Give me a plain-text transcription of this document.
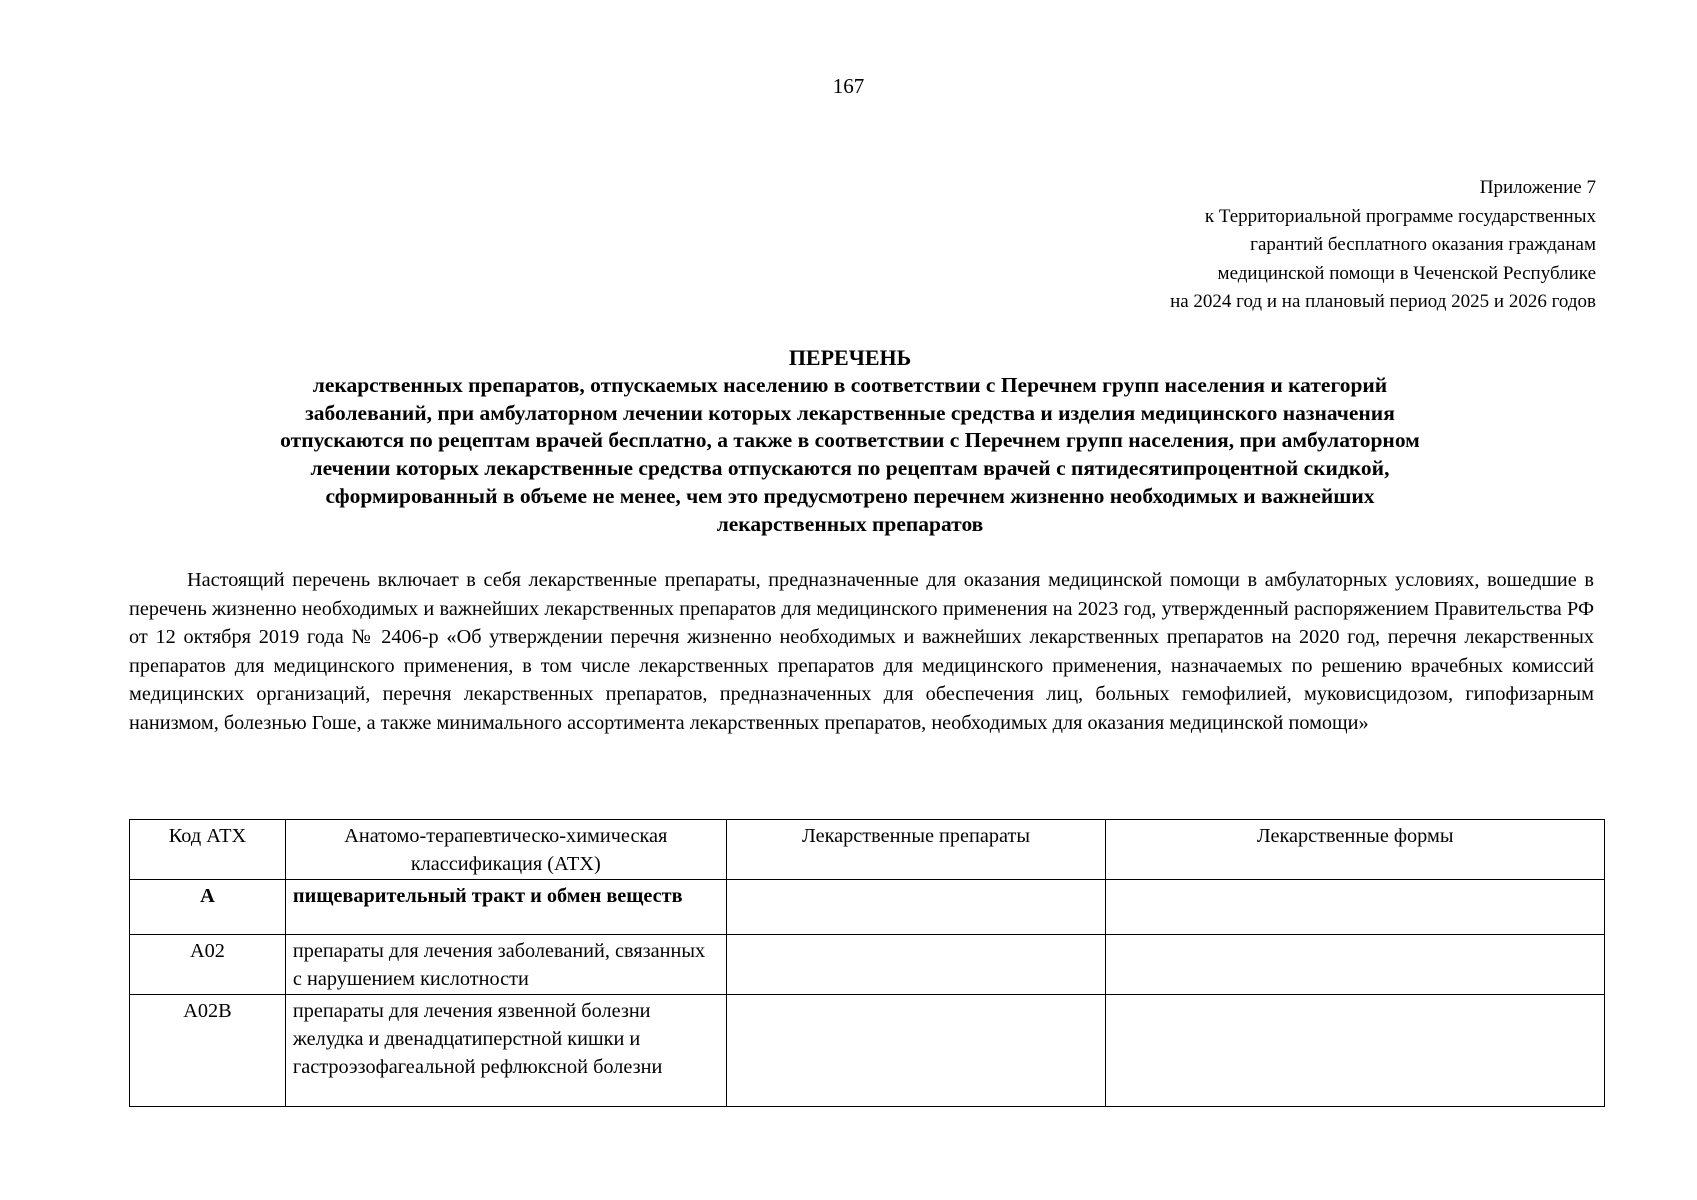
167
Приложение 7
к Территориальной программе государственных
гарантий бесплатного оказания гражданам
медицинской помощи в Чеченской Республике
на 2024 год и на плановый период 2025 и 2026 годов
ПЕРЕЧЕНЬ
лекарственных препаратов, отпускаемых населению в соответствии с Перечнем групп населения и категорий
заболеваний, при амбулаторном лечении которых лекарственные средства и изделия медицинского назначения
отпускаются по рецептам врачей бесплатно, а также в соответствии с Перечнем групп населения, при амбулаторном
лечении которых лекарственные средства отпускаются по рецептам врачей с пятидесятипроцентной скидкой,
сформированный в объеме не менее, чем это предусмотрено перечнем жизненно необходимых и важнейших
лекарственных препаратов

Настоящий перечень включает в себя лекарственные препараты, предназначенные для оказания медицинской помощи в амбулаторных условиях, вошедшие в перечень жизненно необходимых и важнейших лекарственных препаратов для медицинского применения на 2023 год, утвержденный распоряжением Правительства РФ от 12 октября 2019 года № 2406-р «Об утверждении перечня жизненно необходимых и важнейших лекарственных препаратов на 2020 год, перечня лекарственных препаратов для медицинского применения, в том числе лекарственных препаратов для медицинского применения, назначаемых по решению врачебных комиссий медицинских организаций, перечня лекарственных препаратов, предназначенных для обеспечения лиц, больных гемофилией, муковисцидозом, гипофизарным нанизмом, болезнью Гоше, а также минимального ассортимента лекарственных препаратов, необходимых для оказания медицинской помощи»

Код АТХ	Анатомо-терапевтическо-химическая классификация (АТХ)	Лекарственные препараты	Лекарственные формы
А	пищеварительный тракт и обмен веществ		
А02	препараты для лечения заболеваний, связанных с нарушением кислотности		
А02В	препараты для лечения язвенной болезни желудка и двенадцатиперстной кишки и гастроэзофагеальной рефлюксной болезни		
